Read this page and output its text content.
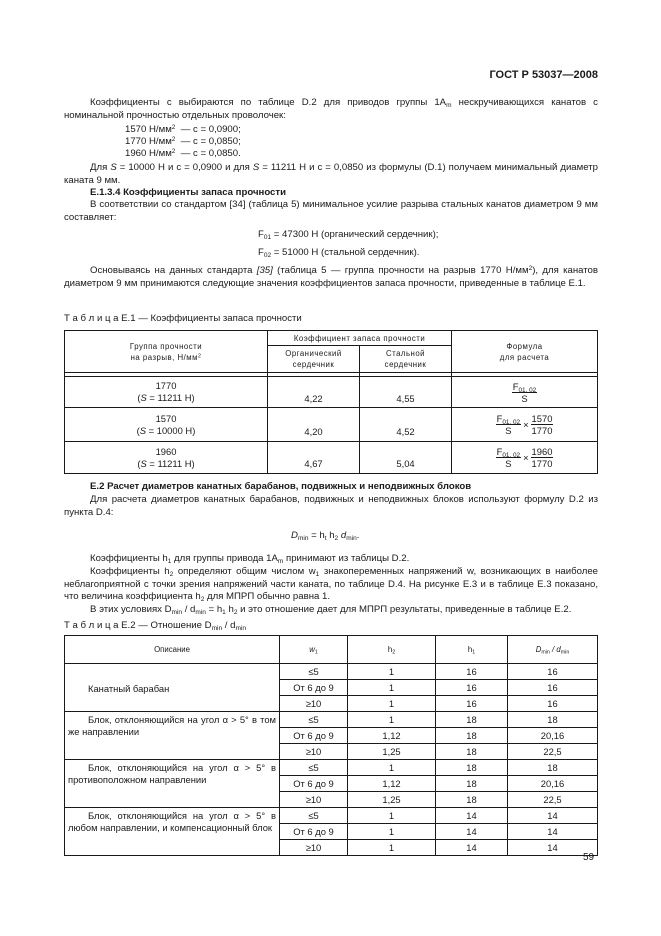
ГОСТ Р 53037—2008

Коэффициенты c выбираются по таблице D.2 для приводов группы $1A_m$ нескручивающихся канатов с номинальной прочностью отдельных проволочек:

1570 $Н/мм^2$ — c = 0,0900;
1770 $Н/мм^2$ — c = 0,0850;
1960 $Н/мм^2$ — c = 0,0850.

Для S = 10000 Н и c = 0,0900 и для S = 11211 Н и c = 0,0850 из формулы (D.1) получаем минимальный диаметр каната 9 мм.

Е.1.3.4 Коэффициенты запаса прочности

В соответствии со стандартом [34] (таблица 5) минимальное усилие разрыва стальных канатов диаметром 9 мм составляет:

$F_{01} = 47300$ Н (органический сердечник);
$F_{02} = 51000$ Н (стальной сердечник).

Основываясь на данных стандарта [35] (таблица 5 — группа прочности на разрыв 1770 $Н/мм^2$), для канатов диаметром 9 мм принимаются следующие значения коэффициентов запаса прочности, приведенные в таблице Е.1.

Т а б л и ц а Е.1 — Коэффициенты запаса прочности
Группа прочности
на разрыв, $Н/мм^2$	Коэффициент запаса прочности		Формула
для расчета
	Органический
сердечник	Стальной
сердечник	

1770
(S = 11211 Н)	4,22	4,55	$\frac{F_{01, 02}}{S}$

1570
(S = 10000 Н)	4,20	4,52	$\frac{F_{01, 02}}{S} \times \frac{1570}{1770}$

1960
(S = 11211 Н)	4,67	5,04	$\frac{F_{01, 02}}{S} \times \frac{1960}{1770}$
Е.2 Расчет диаметров канатных барабанов, подвижных и неподвижных блоков

Для расчета диаметров канатных барабанов, подвижных и неподвижных блоков используют формулу D.2 из пункта D.4:

$D_{min} = h_t$ $h_2$ $d_{min}$.
Коэффициенты $h_1$ для группы привода $1A_m$ принимают из таблицы D.2.

Коэффициенты $h_2$ определяют общим числом $w_1$ знакопеременных напряжений w, возникающих в наиболее неблагоприятной с точки зрения напряжений части каната, по таблице D.4. На рисунке Е.3 и в таблице Е.3 показано, что величина коэффициента $h_2$ для МПРП обычно равна 1.

В этих условиях $D_{min} / d_{min} = h_1$ $h_2$ и это отношение дает для МПРП результаты, приведенные в таблице Е.2.
Т а б л и ц а Е.2 — Отношение $D_{min} / d_{min}$
Описание	$w_1$	$h_2$	$h_1$	$D_{min} / d_{min}$
Канатный барабан	≤5	1	16	16
	От 6 до 9	1	16	16
	≥10	1	16	16
Блок, отклоняющийся на угол α > 5° в том же направлении	≤5	1	18	18
	От 6 до 9	1,12	18	20,16
	≥10	1,25	18	22,5
Блок, отклоняющийся на угол α > 5° в противоположном направлении	≤5	1	18	18
	От 6 до 9	1,12	18	20,16
	≥10	1,25	18	22,5
Блок, отклоняющийся на угол α > 5° в любом направлении, и компенсационный блок	≤5	1	14	14
	От 6 до 9	1	14	14
	≥10	1	14	14
59
